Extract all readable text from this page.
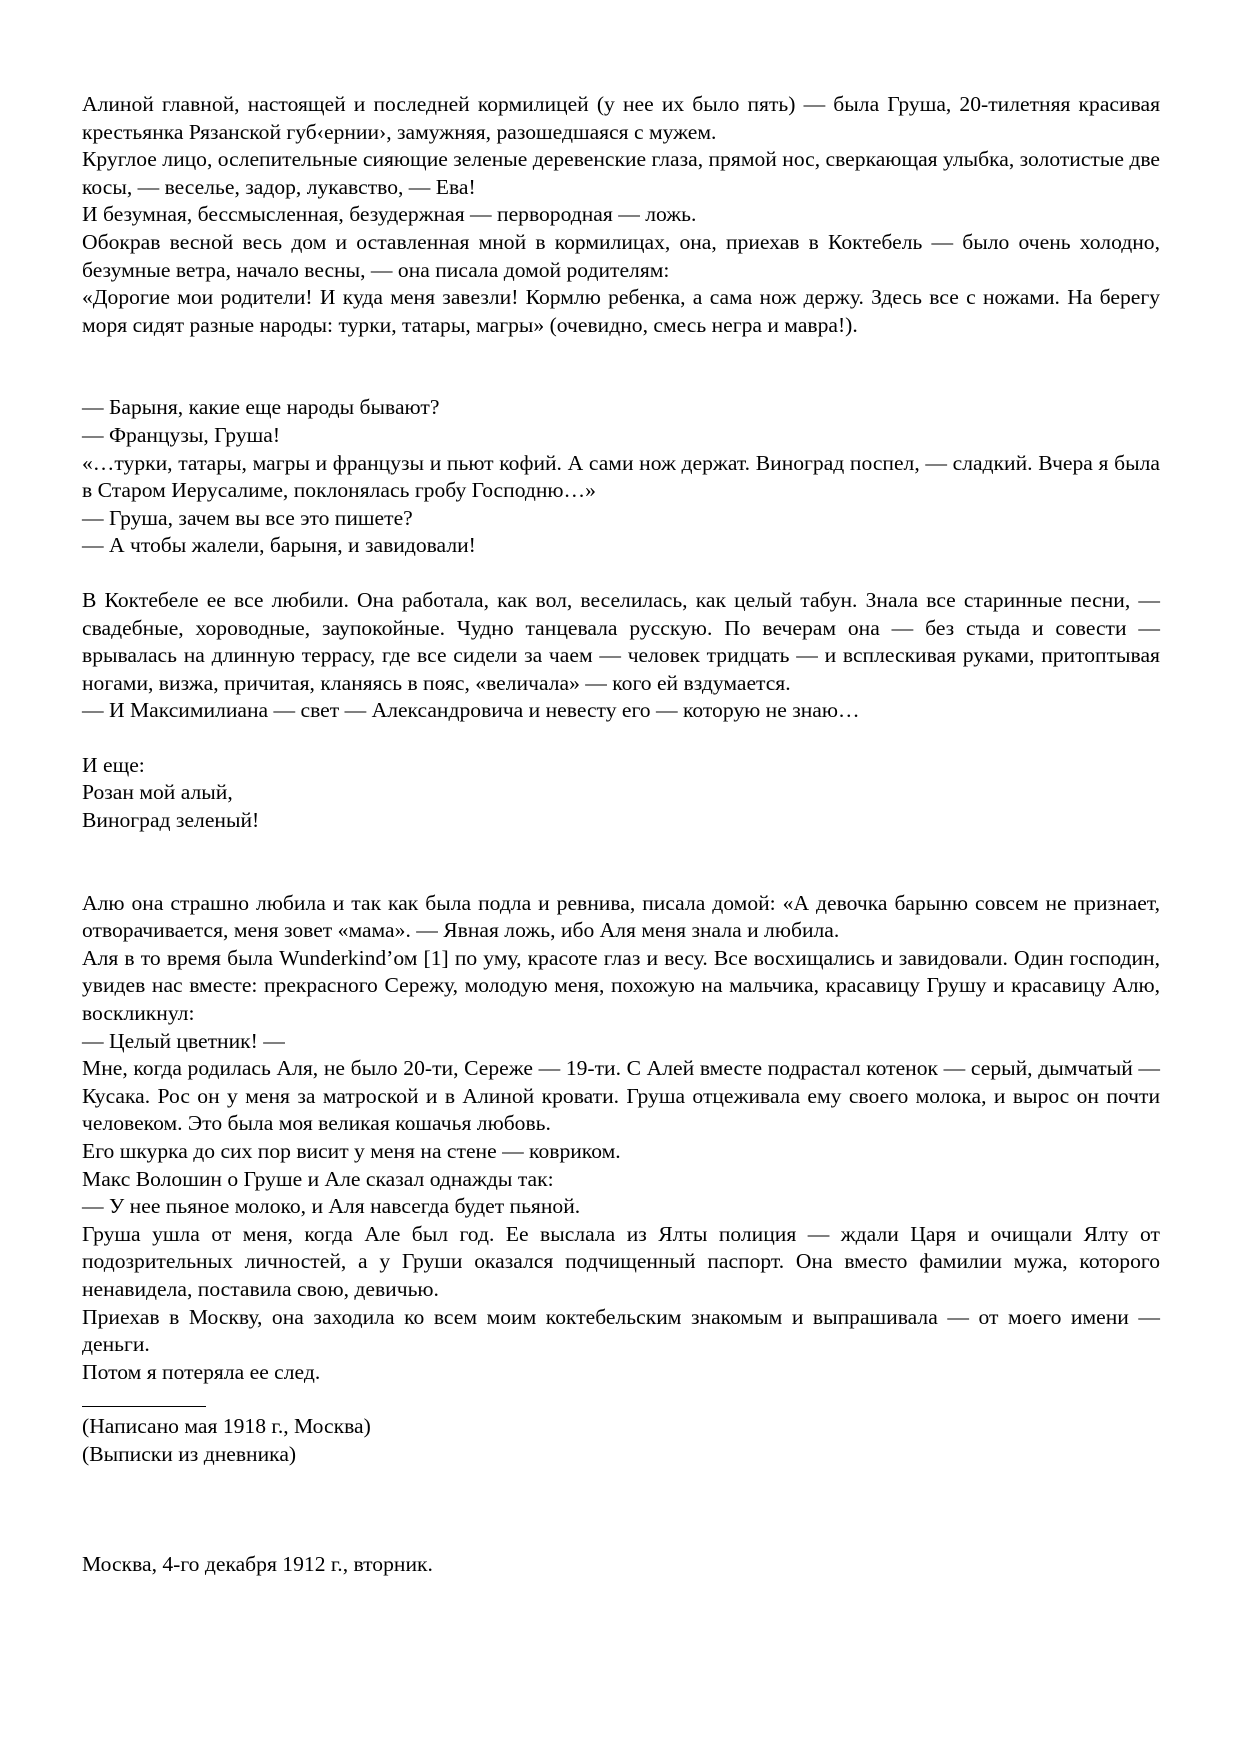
Алиной главной, настоящей и последней кормилицей (у нее их было пять) — была Груша, 20-тилетняя красивая крестьянка Рязанской губ‹ернии›, замужняя, разошедшаяся с мужем.

Круглое лицо, ослепительные сияющие зеленые деревенские глаза, прямой нос, сверкающая улыбка, золотистые две косы, — веселье, задор, лукавство, — Ева!

И безумная, бессмысленная, безудержная — первородная — ложь.

Обокрав весной весь дом и оставленная мной в кормилицах, она, приехав в Коктебель — было очень холодно, безумные ветра, начало весны, — она писала домой родителям:

«Дорогие мои родители! И куда меня завезли! Кормлю ребенка, а сама нож держу. Здесь все с ножами. На берегу моря сидят разные народы: турки, татары, магры» (очевидно, смесь негра и мавра!).

— Барыня, какие еще народы бывают?

— Французы, Груша!

«…турки, татары, магры и французы и пьют кофий. А сами нож держат. Виноград поспел, — сладкий. Вчера я была в Старом Иерусалиме, поклонялась гробу Господню…»

— Груша, зачем вы все это пишете?

— А чтобы жалели, барыня, и завидовали!

В Коктебеле ее все любили. Она работала, как вол, веселилась, как целый табун. Знала все старинные песни, — свадебные, хороводные, заупокойные. Чудно танцевала русскую. По вечерам она — без стыда и совести — врывалась на длинную террасу, где все сидели за чаем — человек тридцать — и всплескивая руками, притоптывая ногами, визжа, причитая, кланяясь в пояс, «величала» — кого ей вздумается.

— И Максимилиана — свет — Александровича и невесту его — которую не знаю…

И еще:

Розан мой алый,

Виноград зеленый!

Алю она страшно любила и так как была подла и ревнива, писала домой: «А девочка барыню совсем не признает, отворачивается, меня зовет «мама». — Явная ложь, ибо Аля меня знала и любила.

Аля в то время была Wunderkind’ом [1] по уму, красоте глаз и весу. Все восхищались и завидовали. Один господин, увидев нас вместе: прекрасного Сережу, молодую меня, похожую на мальчика, красавицу Грушу и красавицу Алю, воскликнул:

— Целый цветник! —

Мне, когда родилась Аля, не было 20-ти, Сереже — 19-ти. С Алей вместе подрастал котенок — серый, дымчатый — Кусака. Рос он у меня за матроской и в Алиной кровати. Груша отцеживала ему своего молока, и вырос он почти человеком. Это была моя великая кошачья любовь.

Его шкурка до сих пор висит у меня на стене — ковриком.

Макс Волошин о Груше и Але сказал однажды так:

— У нее пьяное молоко, и Аля навсегда будет пьяной.

Груша ушла от меня, когда Але был год. Ее выслала из Ялты полиция — ждали Царя и очищали Ялту от подозрительных личностей, а у Груши оказался подчищенный паспорт. Она вместо фамилии мужа, которого ненавидела, поставила свою, девичью.

Приехав в Москву, она заходила ко всем моим коктебельским знакомым и выпрашивала — от моего имени — деньги.

Потом я потеряла ее след.

(Написано мая 1918 г., Москва)

(Выписки из дневника)

Москва, 4-го декабря 1912 г., вторник.
